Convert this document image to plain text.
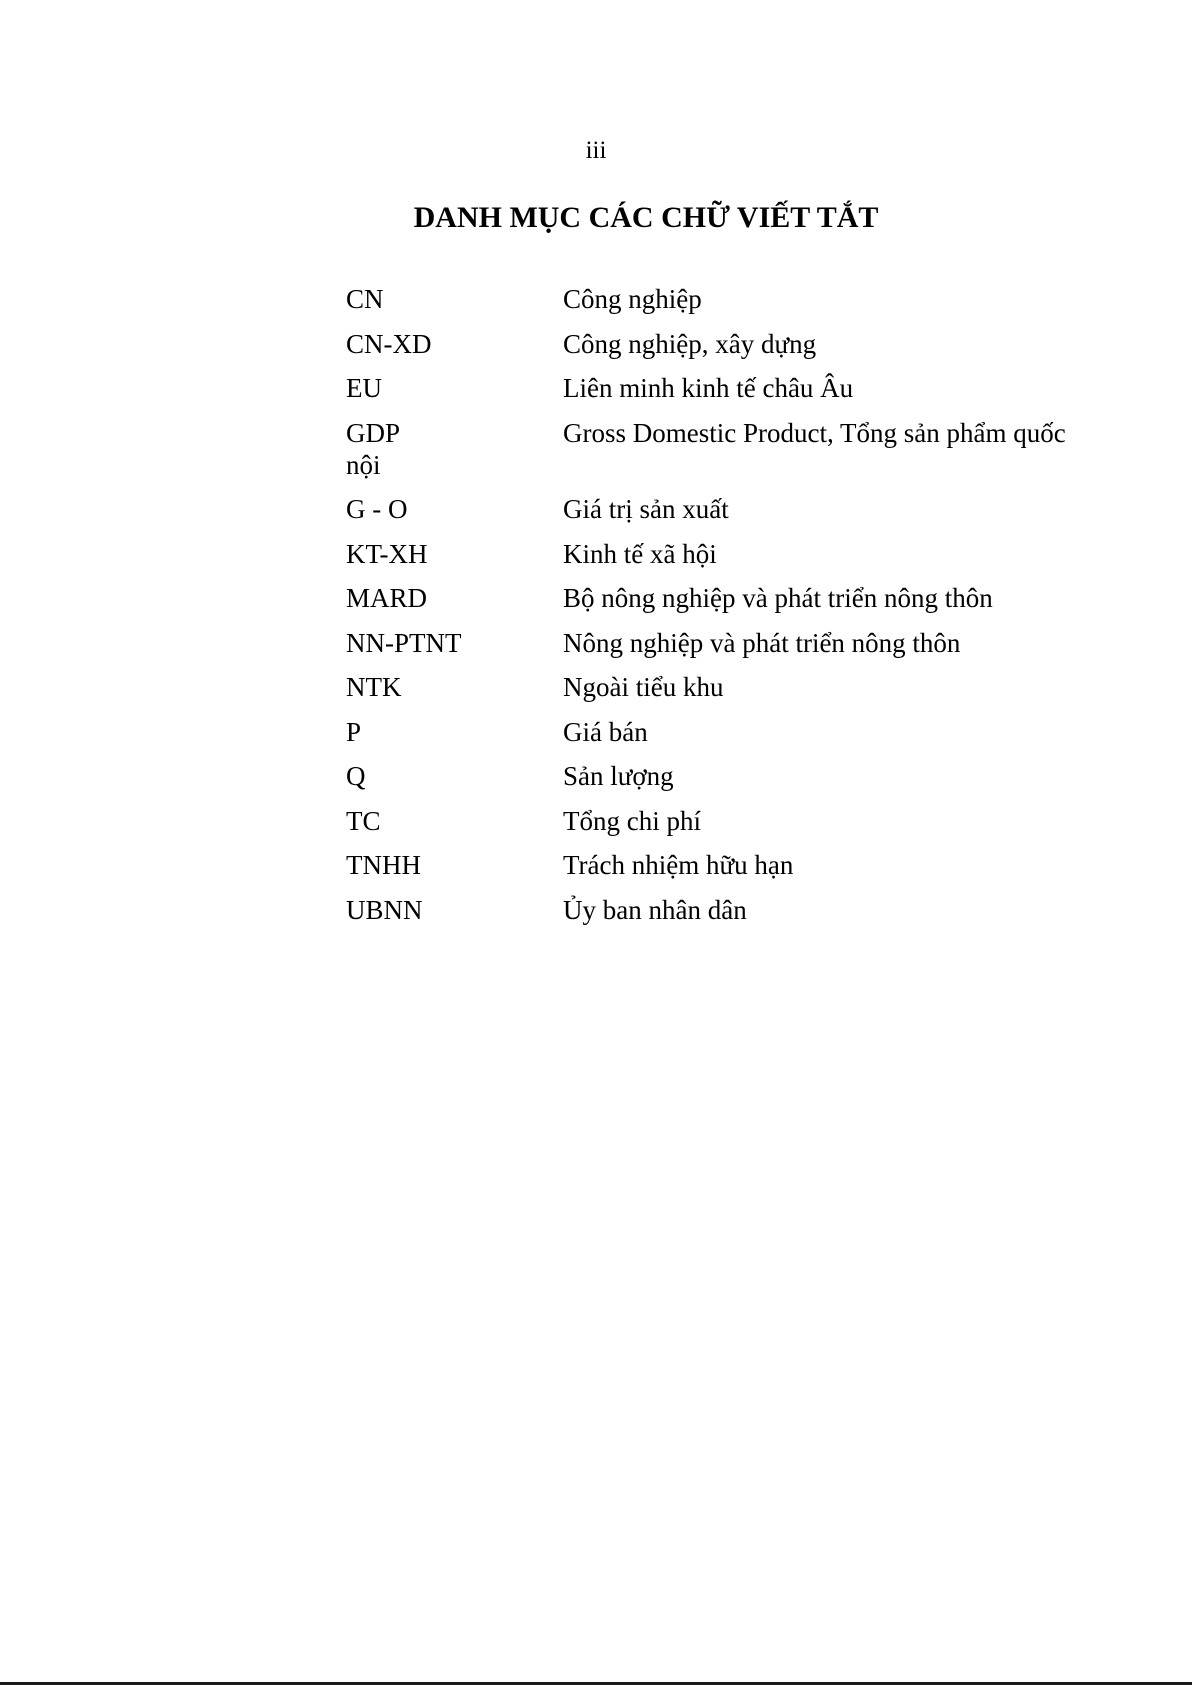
iii
DANH MỤC CÁC CHỮ VIẾT TẮT
CN	Công nghiệp
CN-XD	Công nghiệp, xây dựng
EU	Liên minh kinh tế châu Âu
GDP	Gross Domestic Product, Tổng sản phẩm quốc nội
G - O	Giá trị sản xuất
KT-XH	Kinh tế xã hội
MARD	Bộ nông nghiệp và phát triển nông thôn
NN-PTNT	Nông nghiệp và phát triển nông thôn
NTK	Ngoài tiểu khu
P	Giá bán
Q	Sản lượng
TC	Tổng chi phí
TNHH	Trách nhiệm hữu hạn
UBNN	Ủy ban nhân dân
